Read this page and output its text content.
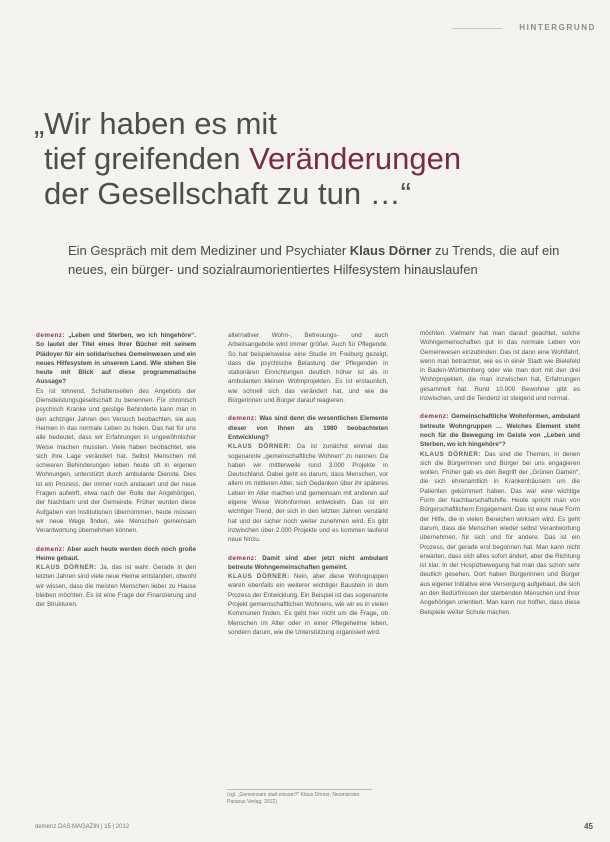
HINTERGRUND
„Wir haben es mit
tief greifenden Veränderungen
der Gesellschaft zu tun …“

Ein Gespräch mit dem Mediziner und Psychiater Klaus Dörner zu Trends, die auf ein neues, ein bürger- und sozialraumorientiertes Hilfesystem hinauslaufen

demenz: „Leben und Sterben, wo ich hingehöre“. So lautet der Titel eines Ihrer Bücher mit seinem Plädoyer für ein solidarisches Gemeinwesen und ein neues Hilfesystem in unserem Land. Wie stehen Sie heute mit Blick auf diese programmatische Aussage?

Es ist lohnend, Schattenseiten des Angebots der Dienstleistungsgesellschaft zu benennen. Für chronisch psychisch Kranke und geistige Behinderte kann man in den achtziger Jahren den Versuch beobachten, sie aus Heimen in das normale Leben zu holen. Das hat für uns alle bedeutet, dass wir Erfahrungen in ungewöhnlicher Weise machen mussten. Viele haben beobachtet, wie sich ihre Lage verändert hat. Selbst Menschen mit schweren Behinderungen leben heute oft in eigenen Wohnungen, unterstützt durch ambulante Dienste. Dies ist ein Prozess, der immer noch andauert und der neue Fragen aufwirft, etwa nach der Rolle der Angehörigen, der Nachbarn und der Gemeinde. Früher wurden diese Aufgaben von Institutionen übernommen, heute müssen wir neue Wege finden, wie Menschen gemeinsam Verantwortung übernehmen können.

demenz: Aber auch heute werden doch noch große Heime gebaut.

KLAUS DÖRNER: Ja, das ist wahr. Gerade in den letzten Jahren sind viele neue Heime entstanden, obwohl wir wissen, dass die meisten Menschen lieber zu Hause bleiben möchten. Es ist eine Frage der Finanzierung und der Strukturen.

alternativer Wohn-, Betreuungs- und auch Arbeitsangebote wird immer größer. Auch für Pflegende. So hat beispielsweise eine Studie im Freiburg gezeigt, dass die psychische Belastung der Pflegenden in stationären Einrichtungen deutlich höher ist als in ambulanten kleinen Wohnprojekten. Es ist erstaunlich, wie schnell sich das verändert hat, und wie die Bürgerinnen und Bürger darauf reagieren.

demenz: Was sind denn die wesentlichen Elemente dieser von Ihnen als 1980 beobachteten Entwicklung?

KLAUS DÖRNER: Da ist zunächst einmal das sogenannte „gemeinschaftliche Wohnen“ zu nennen. Da haben wir mittlerweile rund 3.000 Projekte in Deutschland. Dabei geht es darum, dass Menschen, vor allem im mittleren Alter, sich Gedanken über ihr späteres Leben im Alter machen und gemeinsam mit anderen auf eigene Weise Wohnformen entwickeln. Das ist ein wichtiger Trend, der sich in den letzten Jahren verstärkt hat und der sicher noch weiter zunehmen wird. Es gibt inzwischen über 2.000 Projekte und es kommen laufend neue hinzu.

demenz: Damit sind aber jetzt nicht ambulant betreute Wohngemeinschaften gemeint.

KLAUS DÖRNER: Nein, aber diese Wohngruppen waren ebenfalls ein weiterer wichtiger Baustein in dem Prozess der Entwicklung. Ein Beispiel ist das sogenannte Projekt gemeinschaftlichen Wohnens, wie wir es in vielen Kommunen finden. Es geht hier nicht um die Frage, ob Menschen im Alter oder in einer Pflegeheime leben, sondern darum, wie die Unterstützung organisiert wird.

möchten. Vielmehr hat man darauf geachtet, solche Wohngemeinschaften gut in das normale Leben von Gemeinwesen einzubinden. Das ist dann eine Wohlfahrt, wenn man betrachtet, wie es in einer Stadt wie Bielefeld in Baden-Württemberg oder wie man dort mit den drei Wohnprojekten, die man inzwischen hat, Erfahrungen gesammelt hat. Rund 10.000 Bewohner gibt es inzwischen, und die Tendenz ist steigend und normal.

demenz: Gemeinschaftliche Wohnformen, ambulant betreute Wohngruppen … Welches Element steht noch für die Bewegung im Geiste von „Leben und Sterben, wo ich hingehöre“?

KLAUS DÖRNER: Das sind die Themen, in denen sich die Bürgerinnen und Bürger bei uns engagieren wollen. Früher gab es den Begriff der „Grünen Damen“, die sich ehrenamtlich in Krankenhäusern um die Patienten gekümmert haben. Das war eine wichtige Form der Nachbarschaftshilfe. Heute spricht man von Bürgerschaftlichem Engagement. Das ist eine neue Form der Hilfe, die in vielen Bereichen wirksam wird. Es geht darum, dass die Menschen wieder selbst Verantwortung übernehmen, für sich und für andere. Das ist ein Prozess, der gerade erst begonnen hat. Man kann nicht erwarten, dass sich alles sofort ändert, aber die Richtung ist klar. In der Hospizbewegung hat man das schon sehr deutlich gesehen. Dort haben Bürgerinnen und Bürger aus eigener Initiative eine Versorgung aufgebaut, die sich an den Bedürfnissen der sterbenden Menschen und ihrer Angehörigen orientiert. Man kann nur hoffen, dass diese Beispiele weiter Schule machen.

(vgl. „Gemeinsam statt einsam?“ Klaus Dörner, Neumünster, Paranus Verlag, 2012)
demenz DAS MAGAZIN | 15 | 2012	45
